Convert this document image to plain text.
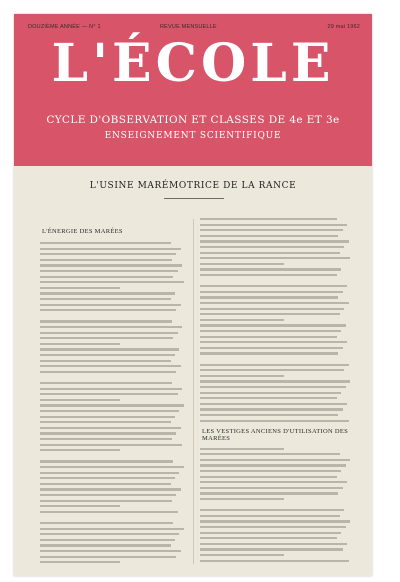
DOUZIÈME ANNÉE — N° 1	REVUE MENSUELLE	29 mai 1962
L'ÉCOLE
CYCLE D'OBSERVATION ET CLASSES DE 4e ET 3e
ENSEIGNEMENT SCIENTIFIQUE
L'USINE MARÉMOTRICE DE LA RANCE
L'ÉNERGIE DES MARÉES
LES VESTIGES ANCIENS D'UTILISATION DES MARÉES
